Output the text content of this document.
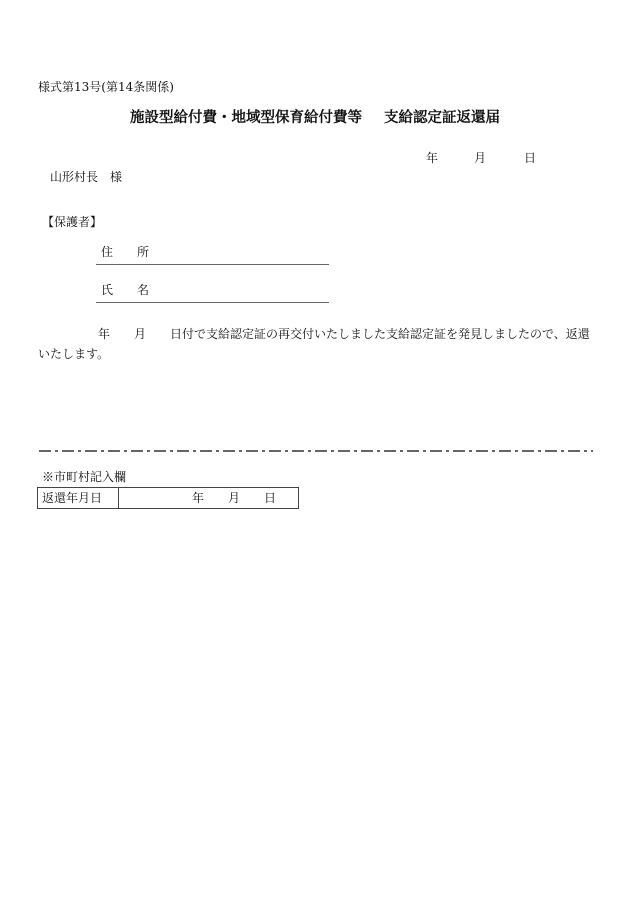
様式第13号(第14条関係)
施設型給付費・地域型保育給付費等 支給認定証返還届
年	月	日
山形村長 様
【保護者】
住 所
氏 名
年 月 日付で支給認定証の再交付いたしました支給認定証を発見しましたので、返還いたします。
※市町村記入欄
返還年月日	年 月 日
